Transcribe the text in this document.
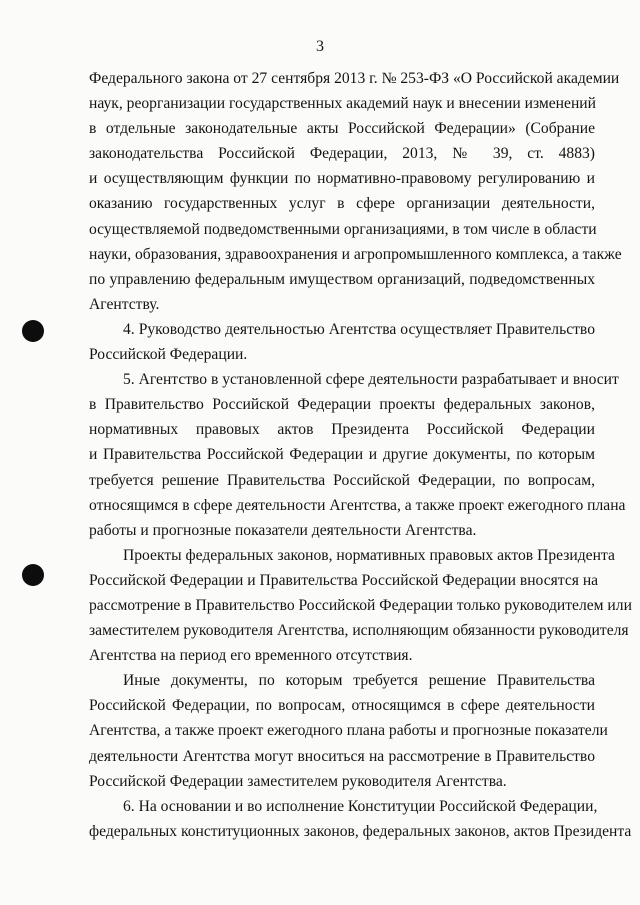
3

Федерального закона от 27 сентября 2013 г. № 253-ФЗ «О Российской академии
наук, реорганизации государственных академий наук и внесении изменений
в отдельные законодательные акты Российской Федерации» (Собрание
законодательства Российской Федерации, 2013, № 39, ст. 4883)
и осуществляющим функции по нормативно-правовому регулированию и
оказанию государственных услуг в сфере организации деятельности,
осуществляемой подведомственными организациями, в том числе в области
науки, образования, здравоохранения и агропромышленного комплекса, а также
по управлению федеральным имуществом организаций, подведомственных
Агентству.

4. Руководство деятельностью Агентства осуществляет Правительство
Российской Федерации.

5. Агентство в установленной сфере деятельности разрабатывает и вносит
в Правительство Российской Федерации проекты федеральных законов,
нормативных правовых актов Президента Российской Федерации
и Правительства Российской Федерации и другие документы, по которым
требуется решение Правительства Российской Федерации, по вопросам,
относящимся в сфере деятельности Агентства, а также проект ежегодного плана
работы и прогнозные показатели деятельности Агентства.

Проекты федеральных законов, нормативных правовых актов Президента
Российской Федерации и Правительства Российской Федерации вносятся на
рассмотрение в Правительство Российской Федерации только руководителем или
заместителем руководителя Агентства, исполняющим обязанности руководителя
Агентства на период его временного отсутствия.

Иные документы, по которым требуется решение Правительства
Российской Федерации, по вопросам, относящимся в сфере деятельности
Агентства, а также проект ежегодного плана работы и прогнозные показатели
деятельности Агентства могут вноситься на рассмотрение в Правительство
Российской Федерации заместителем руководителя Агентства.

6. На основании и во исполнение Конституции Российской Федерации,
федеральных конституционных законов, федеральных законов, актов Президента
